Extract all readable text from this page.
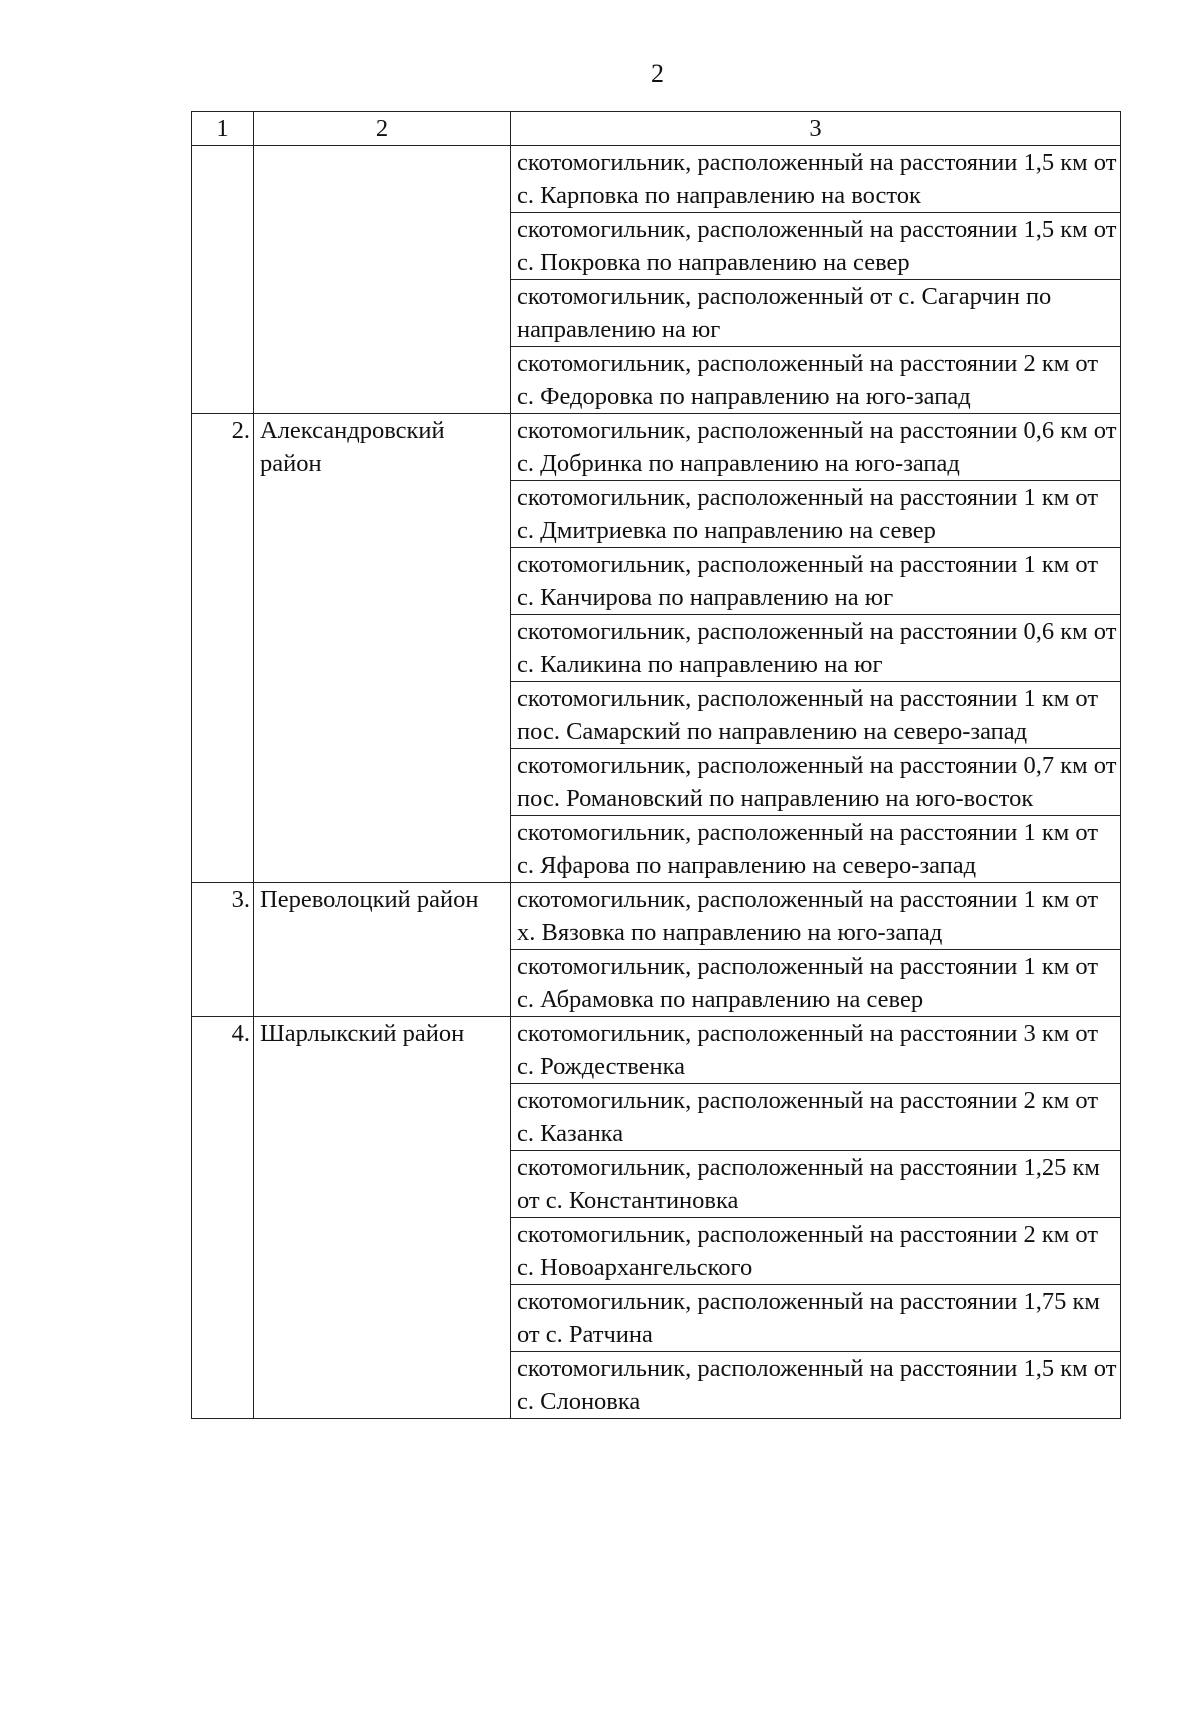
2
1	2	3
		скотомогильник, расположенный на расстоянии 1,5 км от с. Карповка по направлению на восток
		скотомогильник, расположенный на расстоянии 1,5 км от с. Покровка по направлению на север
		скотомогильник, расположенный от с. Сагарчин по направлению на юг
		скотомогильник, расположенный на расстоянии 2 км от с. Федоровка по направлению на юго-запад
2.	Александровский район	скотомогильник, расположенный на расстоянии 0,6 км от с. Добринка по направлению на юго-запад
		скотомогильник, расположенный на расстоянии 1 км от с. Дмитриевка по направлению на север
		скотомогильник, расположенный на расстоянии 1 км от с. Канчирова по направлению на юг
		скотомогильник, расположенный на расстоянии 0,6 км от с. Каликина по направлению на юг
		скотомогильник, расположенный на расстоянии 1 км от пос. Самарский по направлению на северо-запад
		скотомогильник, расположенный на расстоянии 0,7 км от пос. Романовский по направлению на юго-восток
		скотомогильник, расположенный на расстоянии 1 км от с. Яфарова по направлению на северо-запад
3.	Переволоцкий район	скотомогильник, расположенный на расстоянии 1 км от х. Вязовка по направлению на юго-запад
		скотомогильник, расположенный на расстоянии 1 км от с. Абрамовка по направлению на север
4.	Шарлыкский район	скотомогильник, расположенный на расстоянии 3 км от с. Рождественка
		скотомогильник, расположенный на расстоянии 2 км от с. Казанка
		скотомогильник, расположенный на расстоянии 1,25 км от с. Константиновка
		скотомогильник, расположенный на расстоянии 2 км от с. Новоархангельского
		скотомогильник, расположенный на расстоянии 1,75 км от с. Ратчина
		скотомогильник, расположенный на расстоянии 1,5 км от с. Слоновка
